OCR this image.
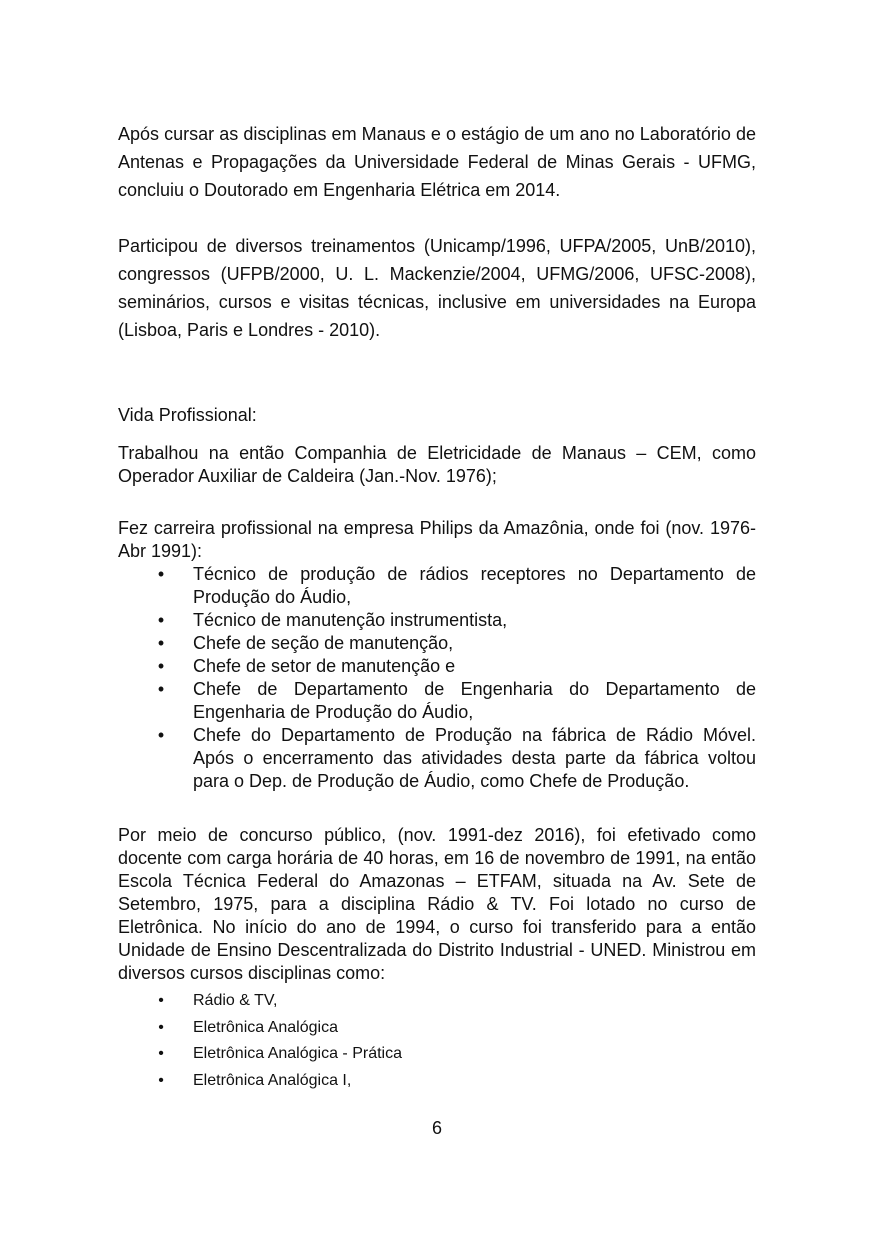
Após cursar as disciplinas em Manaus e o estágio de um ano no Laboratório de Antenas e Propagações da Universidade Federal de Minas Gerais - UFMG, concluiu o Doutorado em Engenharia Elétrica em 2014.

Participou de diversos treinamentos (Unicamp/1996, UFPA/2005, UnB/2010), congressos (UFPB/2000, U. L. Mackenzie/2004, UFMG/2006, UFSC-2008), seminários, cursos e visitas técnicas, inclusive em universidades na Europa (Lisboa, Paris e Londres - 2010).

Vida Profissional:

Trabalhou na então Companhia de Eletricidade de Manaus – CEM, como Operador Auxiliar de Caldeira (Jan.-Nov. 1976);

Fez carreira profissional na empresa Philips da Amazônia, onde foi (nov. 1976-Abr 1991):

• Técnico de produção de rádios receptores no Departamento de Produção do Áudio,
• Técnico de manutenção instrumentista,
• Chefe de seção de manutenção,
• Chefe de setor de manutenção e
• Chefe de Departamento de Engenharia do Departamento de Engenharia de Produção do Áudio,
• Chefe do Departamento de Produção na fábrica de Rádio Móvel. Após o encerramento das atividades desta parte da fábrica voltou para o Dep. de Produção de Áudio, como Chefe de Produção.

Por meio de concurso público, (nov. 1991-dez 2016), foi efetivado como docente com carga horária de 40 horas, em 16 de novembro de 1991, na então Escola Técnica Federal do Amazonas – ETFAM, situada na Av. Sete de Setembro, 1975, para a disciplina Rádio & TV. Foi lotado no curso de Eletrônica. No início do ano de 1994, o curso foi transferido para a então Unidade de Ensino Descentralizada do Distrito Industrial - UNED. Ministrou em diversos cursos disciplinas como:

• Rádio & TV,
• Eletrônica Analógica
• Eletrônica Analógica - Prática
• Eletrônica Analógica I,
6
